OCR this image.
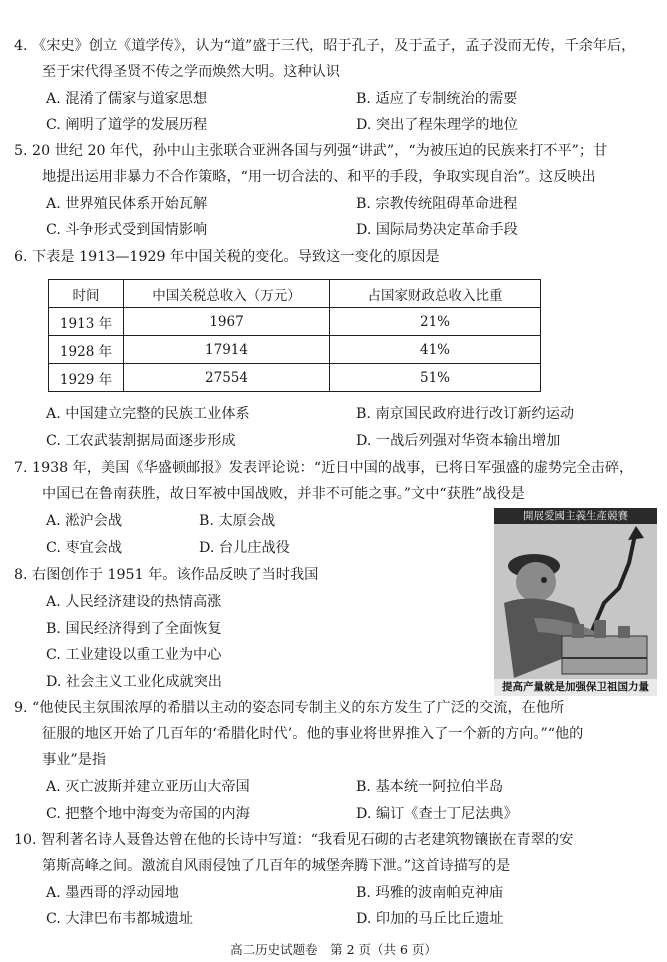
4. 《宋史》创立《道学传》，认为“道”盛于三代，昭于孔子，及于孟子，孟子没而无传，千余年后，
至于宋代得圣贤不传之学而焕然大明。这种认识
A. 混淆了儒家与道家思想	B. 适应了专制统治的需要
C. 阐明了道学的发展历程	D. 突出了程朱理学的地位
5. 20 世纪 20 年代，孙中山主张联合亚洲各国与列强“讲武”，“为被压迫的民族来打不平”；甘
地提出运用非暴力不合作策略，“用一切合法的、和平的手段，争取实现自治”。这反映出
A. 世界殖民体系开始瓦解	B. 宗教传统阻碍革命进程
C. 斗争形式受到国情影响	D. 国际局势决定革命手段
6. 下表是 1913—1929 年中国关税的变化。导致这一变化的原因是
时间	中国关税总收入（万元）	占国家财政总收入比重
1913 年	1967	21%
1928 年	17914	41%
1929 年	27554	51%
A. 中国建立完整的民族工业体系	B. 南京国民政府进行改订新约运动
C. 工农武装割据局面逐步形成	D. 一战后列强对华资本输出增加
7. 1938 年，美国《华盛顿邮报》发表评论说：“近日中国的战事，已将日军强盛的虚势完全击碎，
中国已在鲁南获胜，故日军被中国战败，并非不可能之事。”文中“获胜”战役是
A. 淞沪会战	B. 太原会战
C. 枣宜会战	D. 台儿庄战役
8. 右图创作于 1951 年。该作品反映了当时我国
A. 人民经济建设的热情高涨
B. 国民经济得到了全面恢复
C. 工业建设以重工业为中心
D. 社会主义工业化成就突出
開展愛國主義生產競賽
提高产量就是加强保卫祖国力量
9. “他使民主氛围浓厚的希腊以主动的姿态同专制主义的东方发生了广泛的交流，在他所
征服的地区开始了几百年的‘希腊化时代’。他的事业将世界推入了一个新的方向。”“他的
事业”是指
A. 灭亡波斯并建立亚历山大帝国	B. 基本统一阿拉伯半岛
C. 把整个地中海变为帝国的内海	D. 编订《查士丁尼法典》
10. 智利著名诗人聂鲁达曾在他的长诗中写道：“我看见石砌的古老建筑物镶嵌在青翠的安
第斯高峰之间。激流自风雨侵蚀了几百年的城堡奔腾下泄。”这首诗描写的是
A. 墨西哥的浮动园地	B. 玛雅的波南帕克神庙
C. 大津巴布韦都城遗址	D. 印加的马丘比丘遗址
高二历史试题卷　第 2 页（共 6 页）
